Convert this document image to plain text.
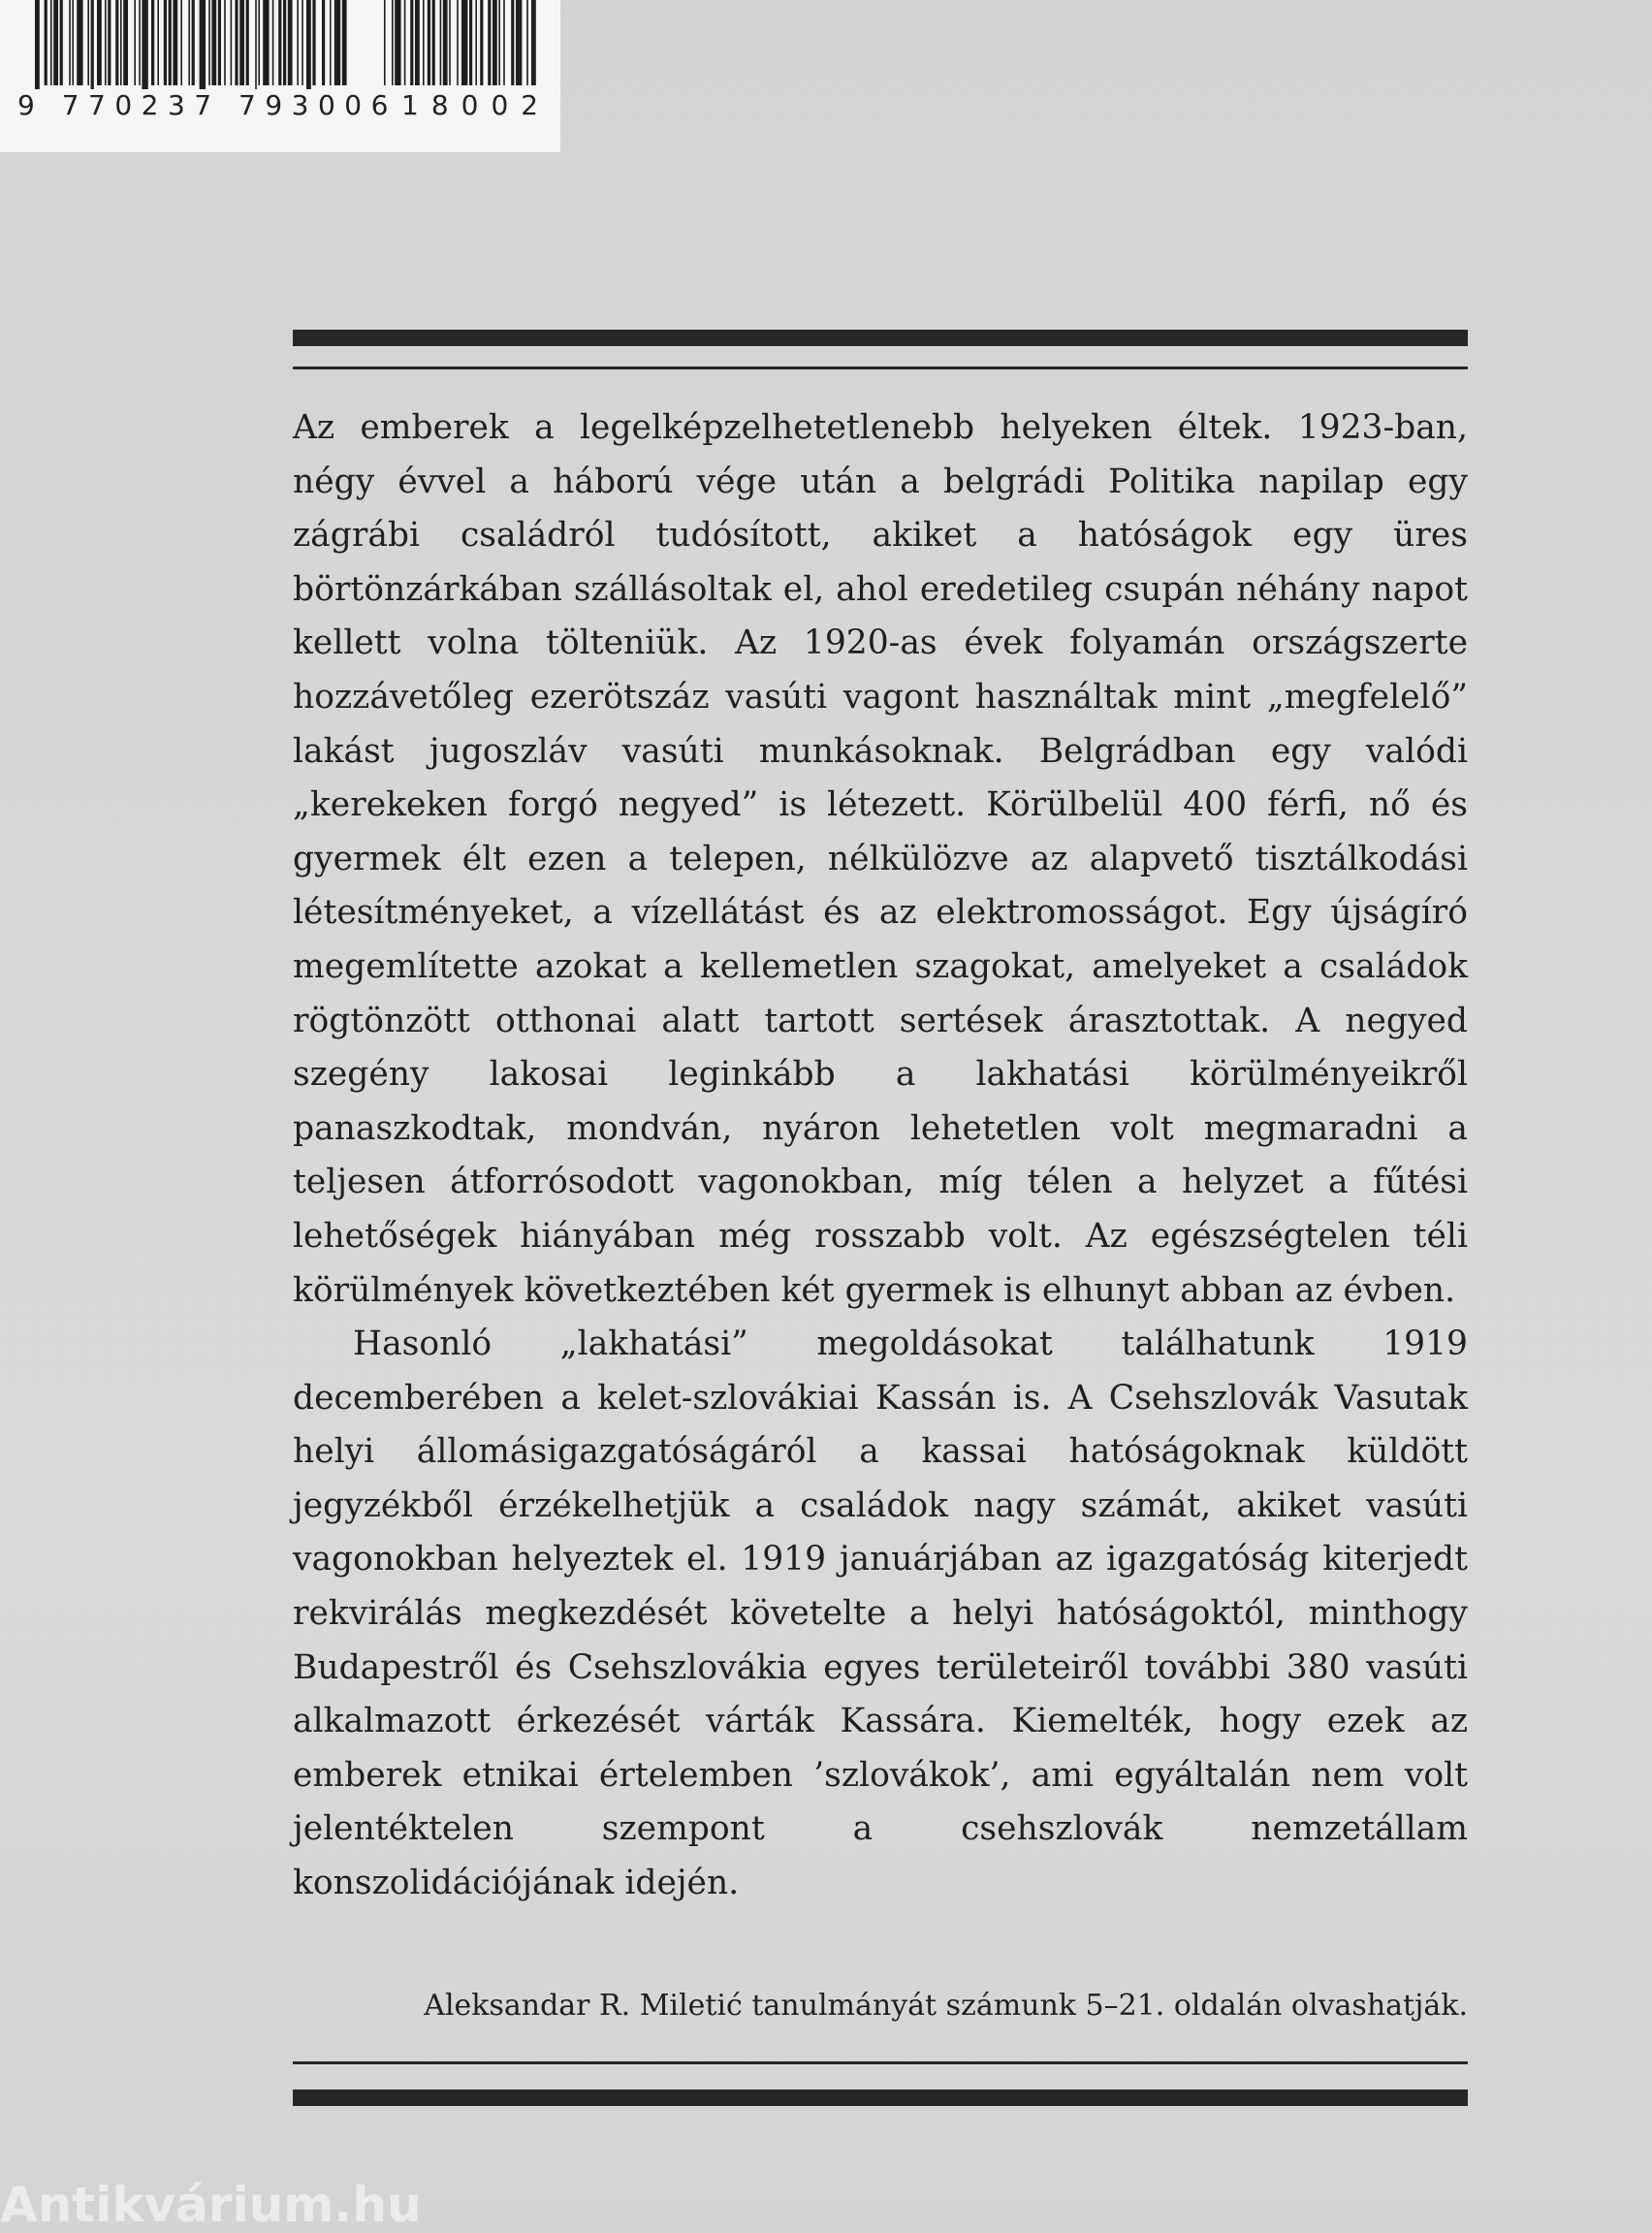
9 770237 793006 18002

Az emberek a legelképzelhetetlenebb helyeken éltek. 1923-ban, négy évvel a háború vége után a belgrádi Politika napilap egy zágrábi családról tudósított, akiket a hatóságok egy üres börtönzárkában szállásoltak el, ahol eredetileg csupán néhány napot kellett volna tölteniük. Az 1920-as évek folyamán országszerte hozzávetőleg ezerötszáz vasúti vagont használtak mint „megfelelő” lakást jugoszláv vasúti munkásoknak. Belgrádban egy valódi „kerekeken forgó negyed” is létezett. Körülbelül 400 férfi, nő és gyermek élt ezen a telepen, nélkülözve az alapvető tisztálkodási létesítményeket, a vízellátást és az elektromosságot. Egy újságíró megemlítette azokat a kellemetlen szagokat, amelyeket a családok rögtönzött otthonai alatt tartott sertések árasztottak. A negyed szegény lakosai leginkább a lakhatási körülményeikről panaszkodtak, mondván, nyáron lehetetlen volt megmaradni a teljesen átforrósodott vagonokban, míg télen a helyzet a fűtési lehetőségek hiányában még rosszabb volt. Az egészségtelen téli körülmények következtében két gyermek is elhunyt abban az évben.

Hasonló „lakhatási” megoldásokat találhatunk 1919 decemberében a kelet-szlovákiai Kassán is. A Csehszlovák Vasutak helyi állomásigazgatóságáról a kassai hatóságoknak küldött jegyzékből érzékelhetjük a családok nagy számát, akiket vasúti vagonokban helyeztek el. 1919 januárjában az igazgatóság kiterjedt rekvirálás megkezdését követelte a helyi hatóságoktól, minthogy Budapestről és Csehszlovákia egyes területeiről további 380 vasúti alkalmazott érkezését várták Kassára. Kiemelték, hogy ezek az emberek etnikai értelemben ’szlovákok’, ami egyáltalán nem volt jelentéktelen szempont a csehszlovák nemzetállam konszolidációjának idején.

Aleksandar R. Miletić tanulmányát számunk 5–21. oldalán olvashatják.
Antikvárium.hu
